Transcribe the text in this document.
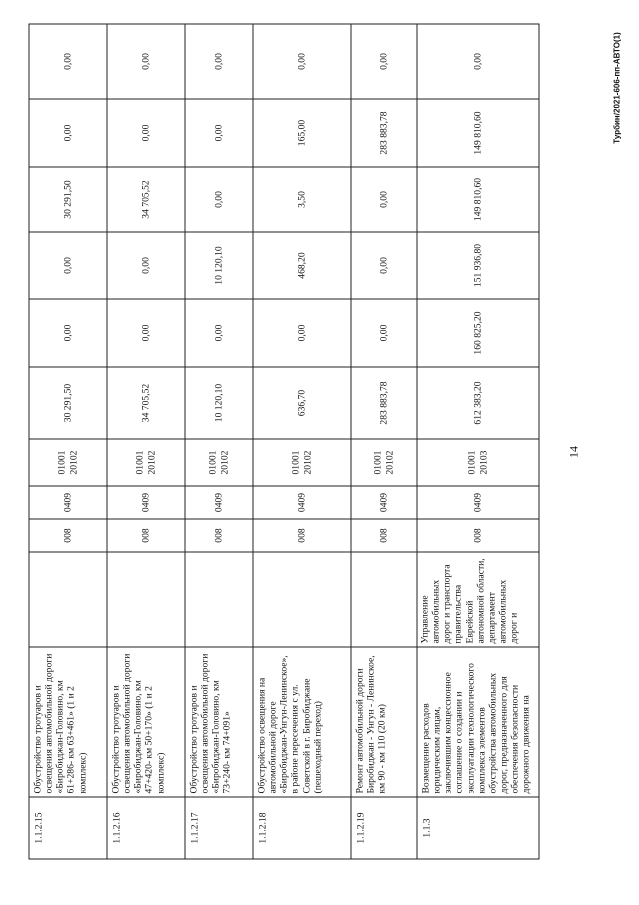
14
Турбин/2021-606-пп-АВТО(1)
1.1.2.15	Обустройство тротуаров и освещения автомобильной дороги «Биробиджан-Головино, км 61+286- км 63+461» (1 и 2 комплекс)		008	0409	01001 20102	30 291,50	0,00	0,00	30 291,50	0,00	0,00
1.1.2.16	Обустройство тротуаров и освещения автомобильной дороги «Биробиджан-Головино, км 47+420- км 50+170» (1 и 2 комплекс)		008	0409	01001 20102	34 705,52	0,00	0,00	34 705,52	0,00	0,00
1.1.2.17	Обустройство тротуаров и освещения автомобильной дороги «Биробиджан-Головино, км 73+240- км 74+091»		008	0409	01001 20102	10 120,10	0,00	10 120,10	0,00	0,00	0,00
1.1.2.18	Обустройство освещения на автомобильной дороге «Биробиджан-Унгун-Ленинское», в районе пересечения с ул. Советской в г. Биробиджане (пешеходный переход)		008	0409	01001 20102	636,70	0,00	468,20	3,50	165,00	0,00
1.1.2.19	Ремонт автомобильной дороги Биробиджан - Унгун - Ленинское, км 90 - км 110 (20 км)		008	0409	01001 20102	283 883,78	0,00	0,00	0,00	283 883,78	0,00
1.1.3	Возмещение расходов юридическим лицам, заключившим концессионное соглашение о создании и эксплуатации технологического комплекса элементов обустройства автомобильных дорог, предназначенного для обеспечения безопасности дорожного движения на	Управление автомобильных дорог и транспорта правительства Еврейской автономной области, департамент автомобильных дорог и	008	0409	01001 20103	612 383,20	160 825,20	151 936,80	149 810,60	149 810,60	0,00
